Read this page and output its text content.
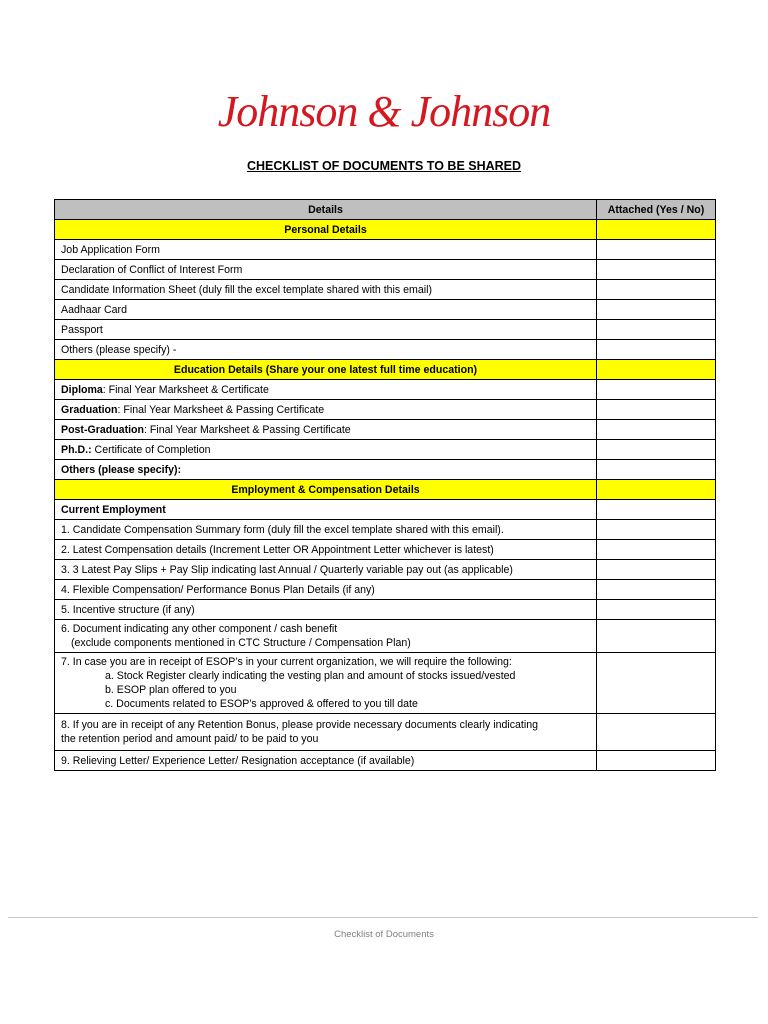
Johnson & Johnson
CHECKLIST OF DOCUMENTS TO BE SHARED
Details	Attached (Yes / No)
Personal Details	
Job Application Form	
Declaration of Conflict of Interest Form	
Candidate Information Sheet (duly fill the excel template shared with this email)	
Aadhaar Card	
Passport	
Others (please specify) -	
Education Details (Share your one latest full time education)	
Diploma: Final Year Marksheet & Certificate	
Graduation: Final Year Marksheet & Passing Certificate	
Post-Graduation: Final Year Marksheet & Passing Certificate	
Ph.D.: Certificate of Completion	
Others (please specify):	
Employment & Compensation Details	
Current Employment	
1. Candidate Compensation Summary form (duly fill the excel template shared with this email).	
2. Latest Compensation details (Increment Letter OR Appointment Letter whichever is latest)	
3. 3 Latest Pay Slips + Pay Slip indicating last Annual / Quarterly variable pay out (as applicable)	
4. Flexible Compensation/ Performance Bonus Plan Details (if any)	
5. Incentive structure (if any)	

6. Document indicating any other component / cash benefit
(exclude components mentioned in CTC Structure / Compensation Plan)	

7. In case you are in receipt of ESOP’s in your current organization, we will require the following:
a. Stock Register clearly indicating the vesting plan and amount of stocks issued/vested
b. ESOP plan offered to you
c. Documents related to ESOP’s approved & offered to you till date	

8. If you are in receipt of any Retention Bonus, please provide necessary documents clearly indicating
the retention period and amount paid/ to be paid to you	

9. Relieving Letter/ Experience Letter/ Resignation acceptance (if available)	
Checklist of Documents
